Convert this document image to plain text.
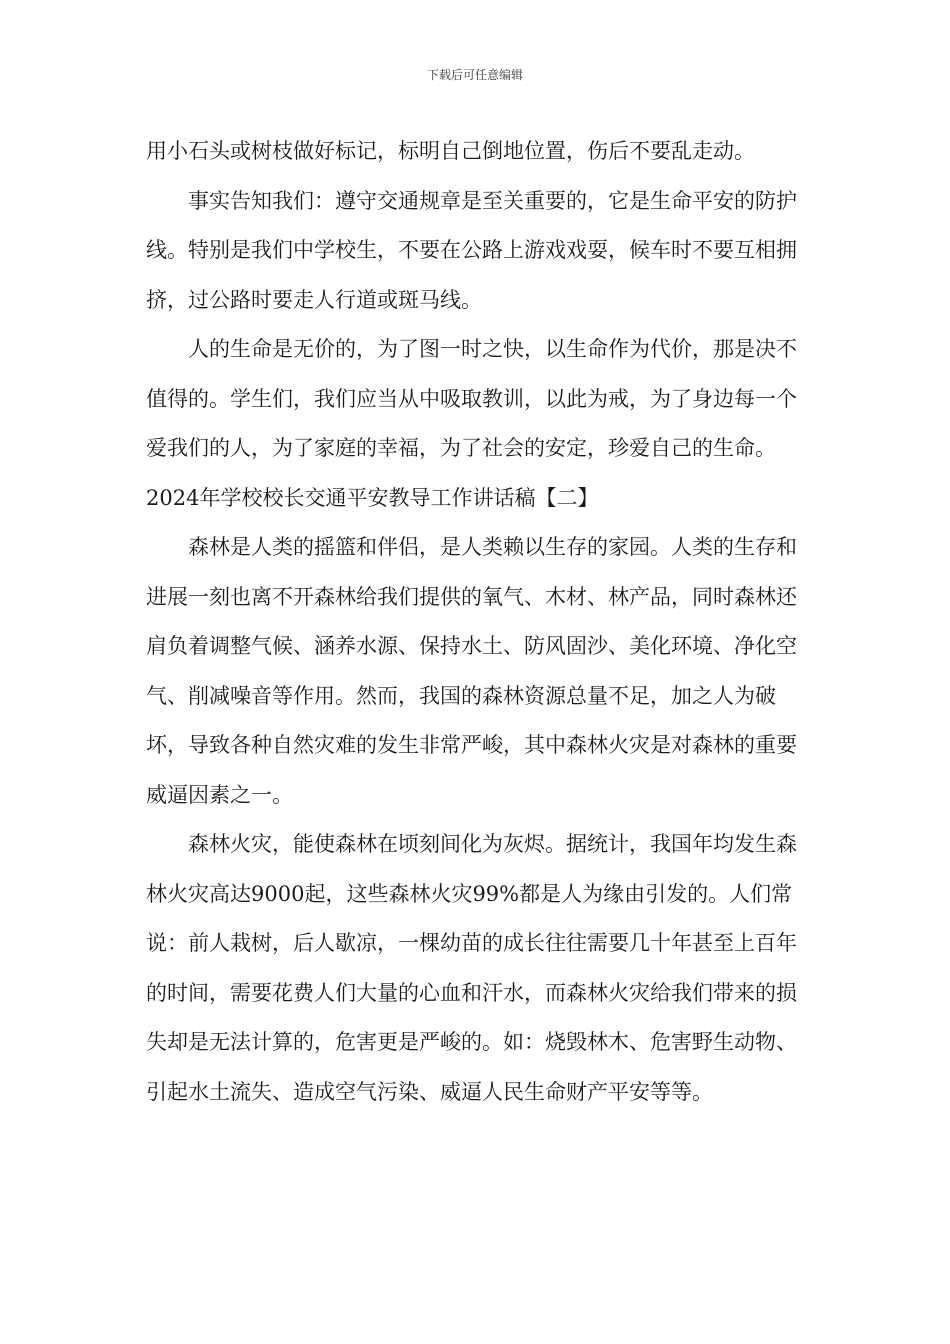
下载后可任意编辑

用小石头或树枝做好标记，标明自己倒地位置，伤后不要乱走动。

事实告知我们：遵守交通规章是至关重要的，它是生命平安的防护线。特别是我们中学校生，不要在公路上游戏戏耍，候车时不要互相拥挤，过公路时要走人行道或斑马线。

人的生命是无价的，为了图一时之快，以生命作为代价，那是决不值得的。学生们，我们应当从中吸取教训，以此为戒，为了身边每一个爱我们的人，为了家庭的幸福，为了社会的安定，珍爱自己的生命。

2024年学校校长交通平安教导工作讲话稿【二】

森林是人类的摇篮和伴侣，是人类赖以生存的家园。人类的生存和进展一刻也离不开森林给我们提供的氧气、木材、林产品，同时森林还肩负着调整气候、涵养水源、保持水土、防风固沙、美化环境、净化空气、削减噪音等作用。然而，我国的森林资源总量不足，加之人为破坏，导致各种自然灾难的发生非常严峻，其中森林火灾是对森林的重要威逼因素之一。

森林火灾，能使森林在顷刻间化为灰烬。据统计，我国年均发生森林火灾高达9000起，这些森林火灾99%都是人为缘由引发的。人们常说：前人栽树，后人歇凉，一棵幼苗的成长往往需要几十年甚至上百年的时间，需要花费人们大量的心血和汗水，而森林火灾给我们带来的损失却是无法计算的，危害更是严峻的。如：烧毁林木、危害野生动物、引起水土流失、造成空气污染、威逼人民生命财产平安等等。
